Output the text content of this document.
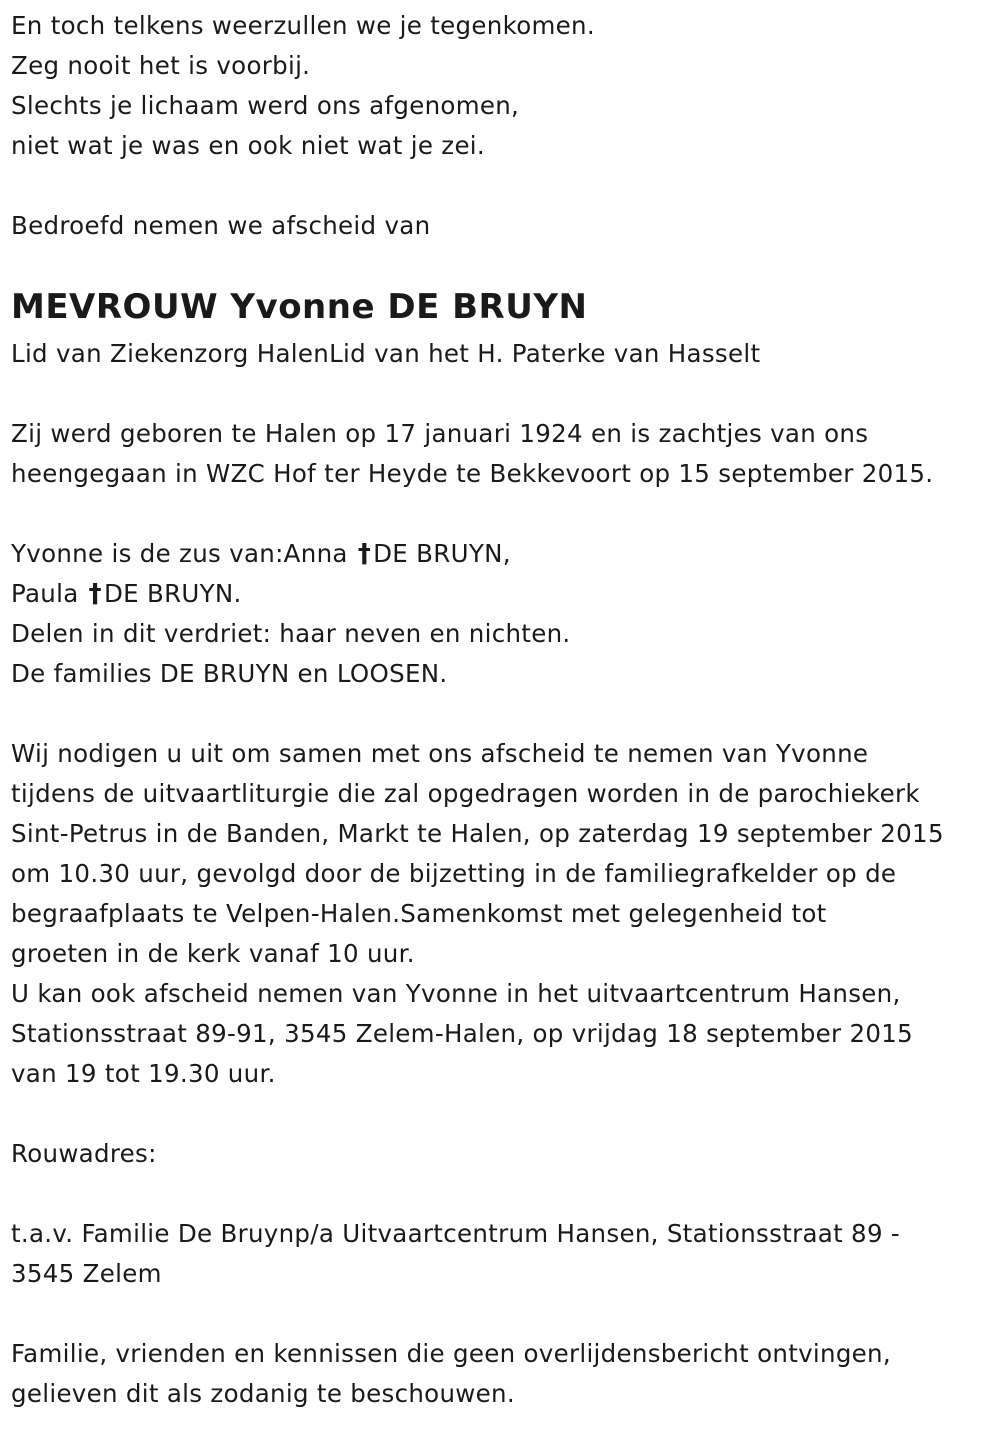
En toch telkens weerzullen we je tegenkomen.
Zeg nooit het is voorbij.
Slechts je lichaam werd ons afgenomen,
niet wat je was en ook niet wat je zei.
Bedroefd nemen we afscheid van
MEVROUW Yvonne DE BRUYN
Lid van Ziekenzorg HalenLid van het H. Paterke van Hasselt
Zij werd geboren te Halen op 17 januari 1924 en is zachtjes van ons
heengegaan in WZC Hof ter Heyde te Bekkevoort op 15 september 2015.
Yvonne is de zus van:Anna †DE BRUYN,
Paula †DE BRUYN.
Delen in dit verdriet: haar neven en nichten.
De families DE BRUYN en LOOSEN.
Wij nodigen u uit om samen met ons afscheid te nemen van Yvonne
tijdens de uitvaartliturgie die zal opgedragen worden in de parochiekerk
Sint-Petrus in de Banden, Markt te Halen, op zaterdag 19 september 2015
om 10.30 uur, gevolgd door de bijzetting in de familiegrafkelder op de
begraafplaats te Velpen-Halen.Samenkomst met gelegenheid tot
groeten in de kerk vanaf 10 uur.
U kan ook afscheid nemen van Yvonne in het uitvaartcentrum Hansen,
Stationsstraat 89-91, 3545 Zelem-Halen, op vrijdag 18 september 2015
van 19 tot 19.30 uur.
Rouwadres:
t.a.v. Familie De Bruynp/a Uitvaartcentrum Hansen, Stationsstraat 89 -
3545 Zelem
Familie, vrienden en kennissen die geen overlijdensbericht ontvingen,
gelieven dit als zodanig te beschouwen.
